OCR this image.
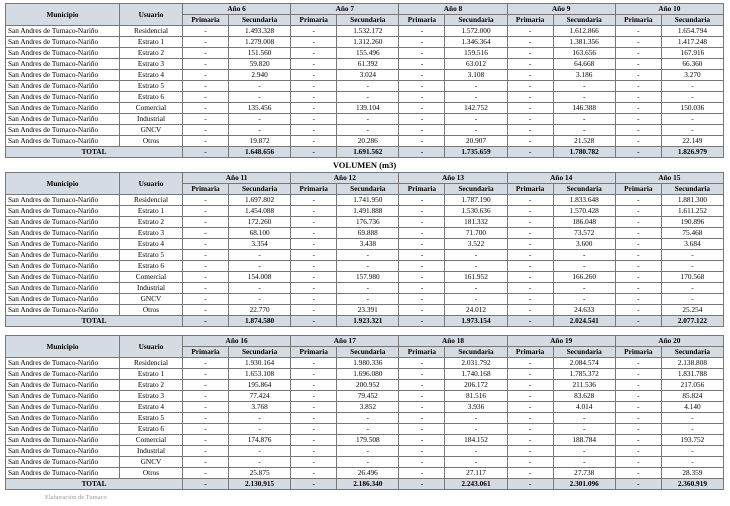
Municipio	Usuario	Año 6		Año 7		Año 8		Año 9		Año 10	
		Primaria	Secundaria	Primaria	Secundaria	Primaria	Secundaria	Primaria	Secundaria	Primaria	Secundaria
San Andres de Tumaco-Nariño	Residencial	-	1.493.328	-	1.532.172	-	1.572.000	-	1.612.866	-	1.654.794
San Andres de Tumaco-Nariño	Estrato 1	-	1.279.008	-	1.312.260	-	1.346.364	-	1.381.356	-	1.417.248
San Andres de Tumaco-Nariño	Estrato 2	-	151.560	-	155.496	-	159.516	-	163.656	-	167.916
San Andres de Tumaco-Nariño	Estrato 3	-	59.820	-	61.392	-	63.012	-	64.668	-	66.360
San Andres de Tumaco-Nariño	Estrato 4	-	2.940	-	3.024	-	3.108	-	3.186	-	3.270
San Andres de Tumaco-Nariño	Estrato 5	-	-	-	-	-	-	-	-	-	-
San Andres de Tumaco-Nariño	Estrato 6	-	-	-	-	-	-	-	-	-	-
San Andres de Tumaco-Nariño	Comercial	-	135.456	-	139.104	-	142.752	-	146.388	-	150.036
San Andres de Tumaco-Nariño	Industrial	-	-	-	-	-	-	-	-	-	-
San Andres de Tumaco-Nariño	GNCV	-	-	-	-	-	-	-	-	-	-
San Andres de Tumaco-Nariño	Otros	-	19.872	-	20.286	-	20.907	-	21.528	-	22.149
TOTAL		-	1.648.656	-	1.691.562	-	1.735.659	-	1.780.782	-	1.826.979
VOLUMEN (m3)
Municipio	Usuario	Año 11		Año 12		Año 13		Año 14		Año 15	
		Primaria	Secundaria	Primaria	Secundaria	Primaria	Secundaria	Primaria	Secundaria	Primaria	Secundaria
San Andres de Tumaco-Nariño	Residencial	-	1.697.802	-	1.741.950	-	1.787.190	-	1.833.648	-	1.881.300
San Andres de Tumaco-Nariño	Estrato 1	-	1.454.088	-	1.491.888	-	1.530.636	-	1.570.428	-	1.611.252
San Andres de Tumaco-Nariño	Estrato 2	-	172.260	-	176.736	-	181.332	-	186.048	-	190.896
San Andres de Tumaco-Nariño	Estrato 3	-	68.100	-	69.888	-	71.700	-	73.572	-	75.468
San Andres de Tumaco-Nariño	Estrato 4	-	3.354	-	3.438	-	3.522	-	3.600	-	3.684
San Andres de Tumaco-Nariño	Estrato 5	-	-	-	-	-	-	-	-	-	-
San Andres de Tumaco-Nariño	Estrato 6	-	-	-	-	-	-	-	-	-	-
San Andres de Tumaco-Nariño	Comercial	-	154.008	-	157.980	-	161.952	-	166.260	-	170.568
San Andres de Tumaco-Nariño	Industrial	-	-	-	-	-	-	-	-	-	-
San Andres de Tumaco-Nariño	GNCV	-	-	-	-	-	-	-	-	-	-
San Andres de Tumaco-Nariño	Otros	-	22.770	-	23.391	-	24.012	-	24.633	-	25.254
TOTAL		-	1.874.580	-	1.923.321	-	1.973.154	-	2.024.541	-	2.077.122
Municipio	Usuario	Año 16		Año 17		Año 18		Año 19		Año 20	
		Primaria	Secundaria	Primaria	Secundaria	Primaria	Secundaria	Primaria	Secundaria	Primaria	Secundaria
San Andres de Tumaco-Nariño	Residencial	-	1.930.164	-	1.980.336	-	2.031.792	-	2.084.574	-	2.138.808
San Andres de Tumaco-Nariño	Estrato 1	-	1.653.108	-	1.696.080	-	1.740.168	-	1.785.372	-	1.831.788
San Andres de Tumaco-Nariño	Estrato 2	-	195.864	-	200.952	-	206.172	-	211.536	-	217.056
San Andres de Tumaco-Nariño	Estrato 3	-	77.424	-	79.452	-	81.516	-	83.628	-	85.824
San Andres de Tumaco-Nariño	Estrato 4	-	3.768	-	3.852	-	3.936	-	4.014	-	4.140
San Andres de Tumaco-Nariño	Estrato 5	-	-	-	-	-	-	-	-	-	-
San Andres de Tumaco-Nariño	Estrato 6	-	-	-	-	-	-	-	-	-	-
San Andres de Tumaco-Nariño	Comercial	-	174.876	-	179.508	-	184.152	-	188.784	-	193.752
San Andres de Tumaco-Nariño	Industrial	-	-	-	-	-	-	-	-	-	-
San Andres de Tumaco-Nariño	GNCV	-	-	-	-	-	-	-	-	-	-
San Andres de Tumaco-Nariño	Otros	-	25.875	-	26.496	-	27.117	-	27.738	-	28.359
TOTAL		-	2.130.915	-	2.186.340	-	2.243.061	-	2.301.096	-	2.360.919
Elaboración de Tumaco
